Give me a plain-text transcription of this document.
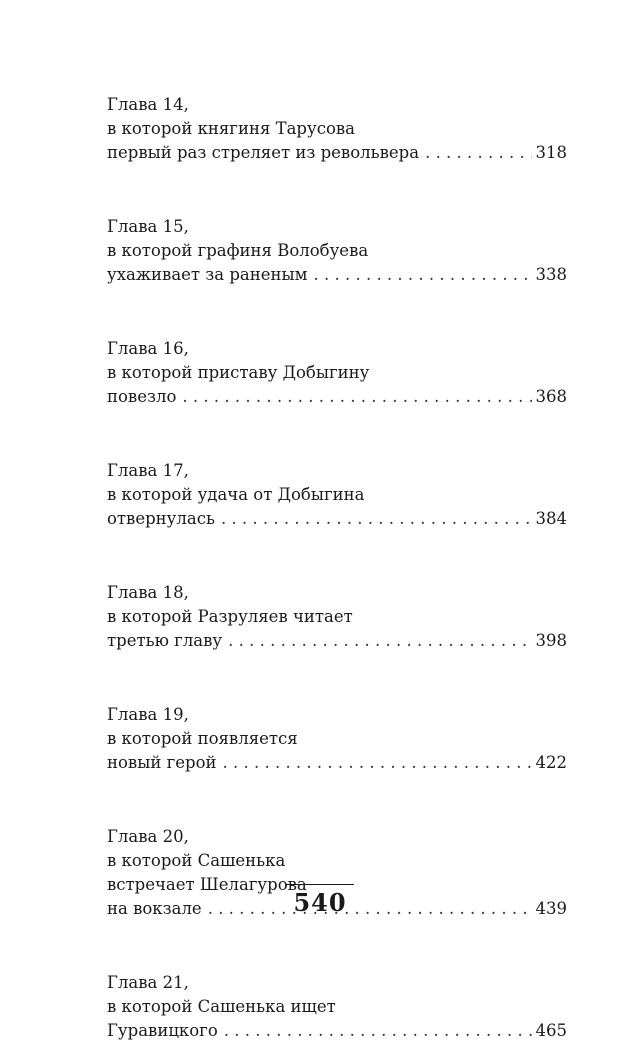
Глава 14,
в которой княгиня Тарусова
первый раз стреляет из револьвера . . .	318
Глава 15,
в которой графиня Волобуева
ухаживает за раненым . . .	338
Глава 16,
в которой приставу Добыгину
повезло . . .	368
Глава 17,
в которой удача от Добыгина
отвернулась . . .	384
Глава 18,
в которой Разруляев читает
третью главу . . .	398
Глава 19,
в которой появляется
новый герой . . .	422
Глава 20,
в которой Сашенька
встречает Шелагурова
на вокзале . . .	439
Глава 21,
в которой Сашенька ищет
Гуравицкого . . .	465
540
